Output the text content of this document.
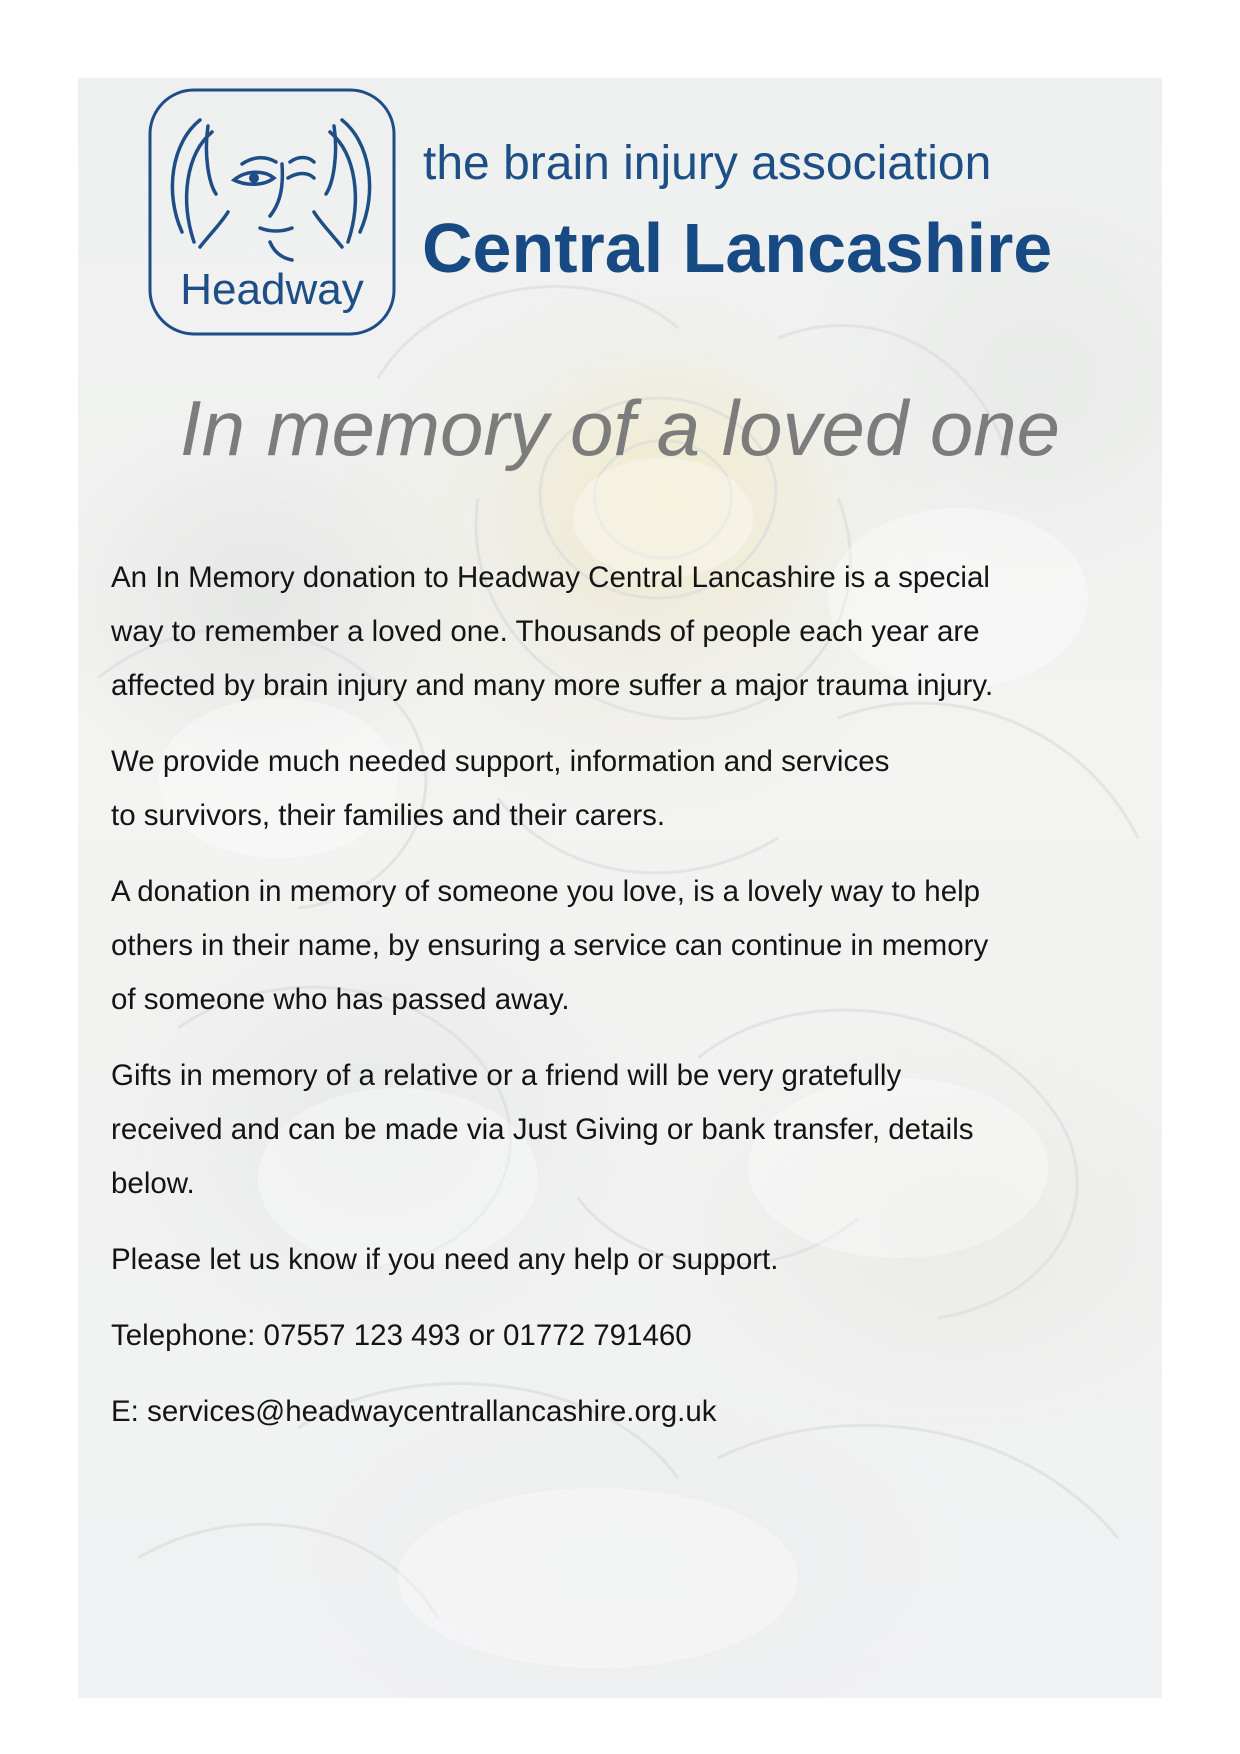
Headway
the brain injury association
Central Lancashire
In memory of a loved one

An In Memory donation to Headway Central Lancashire is a special
way to remember a loved one. Thousands of people each year are
affected by brain injury and many more suffer a major trauma injury.

We provide much needed support, information and services
to survivors, their families and their carers.

A donation in memory of someone you love, is a lovely way to help
others in their name, by ensuring a service can continue in memory
of someone who has passed away.

Gifts in memory of a relative or a friend will be very gratefully
received and can be made via Just Giving or bank transfer, details
below.

Please let us know if you need any help or support.

Telephone: 07557 123 493 or 01772 791460

E: services@headwaycentrallancashire.org.uk
